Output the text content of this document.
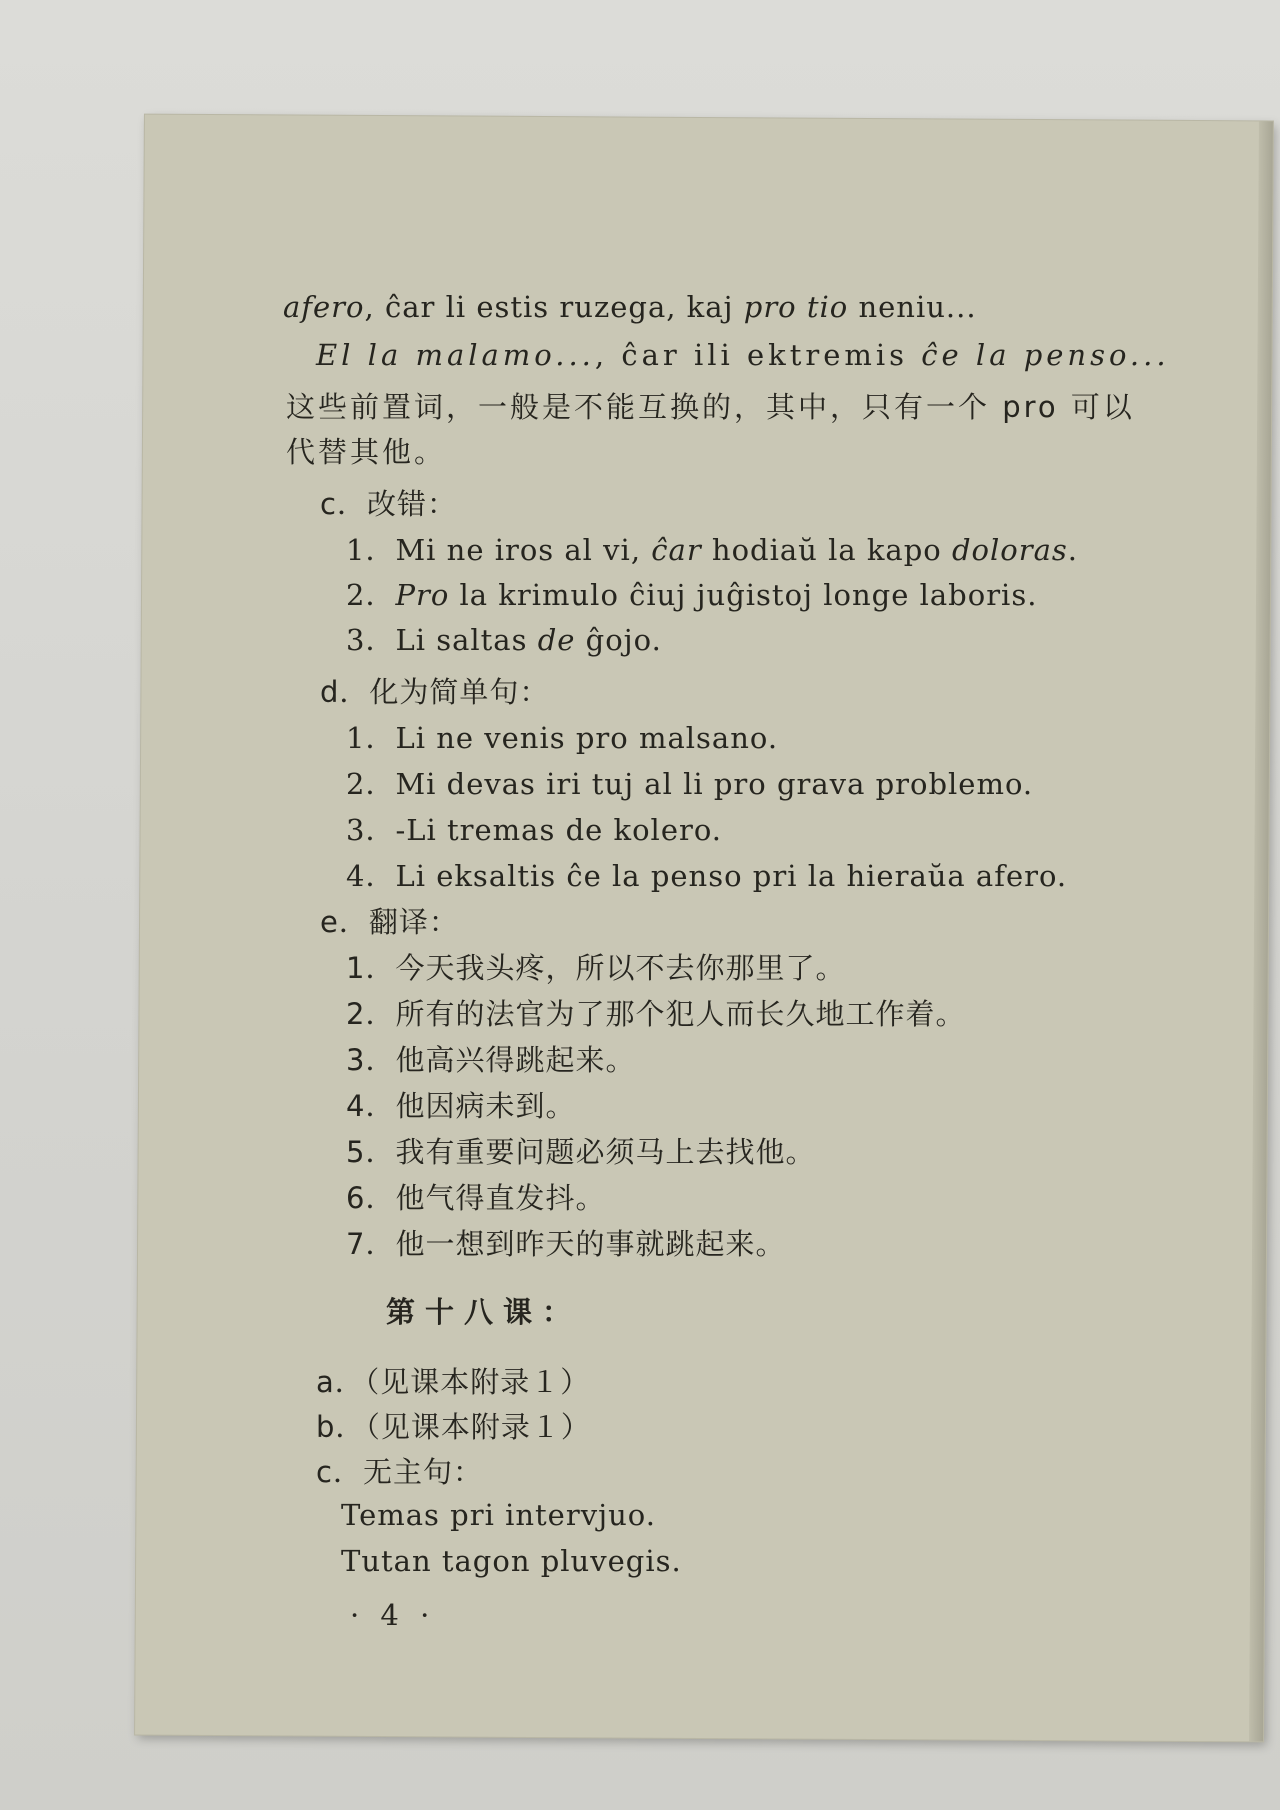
afero, ĉar li estis ruzega, kaj pro tio neniu...
El la malamo..., ĉar ili ektremis ĉe la penso...
这些前置词，一般是不能互换的，其中，只有一个 pro 可以
代替其他。
c．改错：
1．Mi ne iros al vi, ĉar hodiaŭ la kapo doloras.
2．Pro la krimulo ĉiuj juĝistoj longe laboris.
3．Li saltas de ĝojo.
d．化为简单句：
1．Li ne venis pro malsano.
2．Mi devas iri tuj al li pro grava problemo.
3．-Li tremas de kolero.
4．Li eksaltis ĉe la penso pri la hieraŭa afero.
e．翻译：
1．今天我头疼，所以不去你那里了。
2．所有的法官为了那个犯人而长久地工作着。
3．他高兴得跳起来。
4．他因病未到。
5．我有重要问题必须马上去找他。
6．他气得直发抖。
7．他一想到昨天的事就跳起来。
第十八课：
a．（见课本附录１）
b．（见课本附录１）
c．无主句：
Temas pri intervjuo.
Tutan tagon pluvegis.
· 4 ·
